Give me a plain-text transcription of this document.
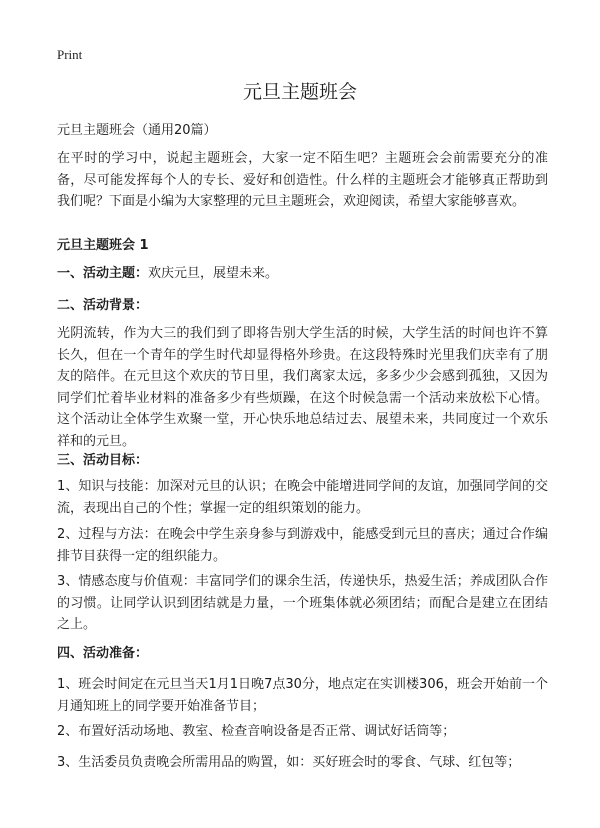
Print
元旦主题班会

元旦主题班会（通用20篇）

在平时的学习中，说起主题班会，大家一定不陌生吧？主题班会会前需要充分的准备，尽可能发挥每个人的专长、爱好和创造性。什么样的主题班会才能够真正帮助到我们呢？下面是小编为大家整理的元旦主题班会，欢迎阅读，希望大家能够喜欢。

元旦主题班会 1

一、活动主题：欢庆元旦，展望未来。

二、活动背景：

光阴流转，作为大三的我们到了即将告别大学生活的时候，大学生活的时间也许不算长久，但在一个青年的学生时代却显得格外珍贵。在这段特殊时光里我们庆幸有了朋友的陪伴。在元旦这个欢庆的节日里，我们离家太远，多多少少会感到孤独，又因为同学们忙着毕业材料的准备多少有些烦躁，在这个时候急需一个活动来放松下心情。这个活动让全体学生欢聚一堂，开心快乐地总结过去、展望未来，共同度过一个欢乐祥和的元旦。

三、活动目标：

1、知识与技能：加深对元旦的认识；在晚会中能增进同学间的友谊，加强同学间的交流，表现出自己的个性；掌握一定的组织策划的能力。

2、过程与方法：在晚会中学生亲身参与到游戏中，能感受到元旦的喜庆；通过合作编排节目获得一定的组织能力。

3、情感态度与价值观：丰富同学们的课余生活，传递快乐，热爱生活；养成团队合作的习惯。让同学认识到团结就是力量，一个班集体就必须团结；而配合是建立在团结之上。

四、活动准备：

1、班会时间定在元旦当天1月1日晚7点30分，地点定在实训楼306，班会开始前一个月通知班上的同学要开始准备节目；

2、布置好活动场地、教室、检查音响设备是否正常、调试好话筒等；

3、生活委员负责晚会所需用品的购置，如：买好班会时的零食、气球、红包等；
